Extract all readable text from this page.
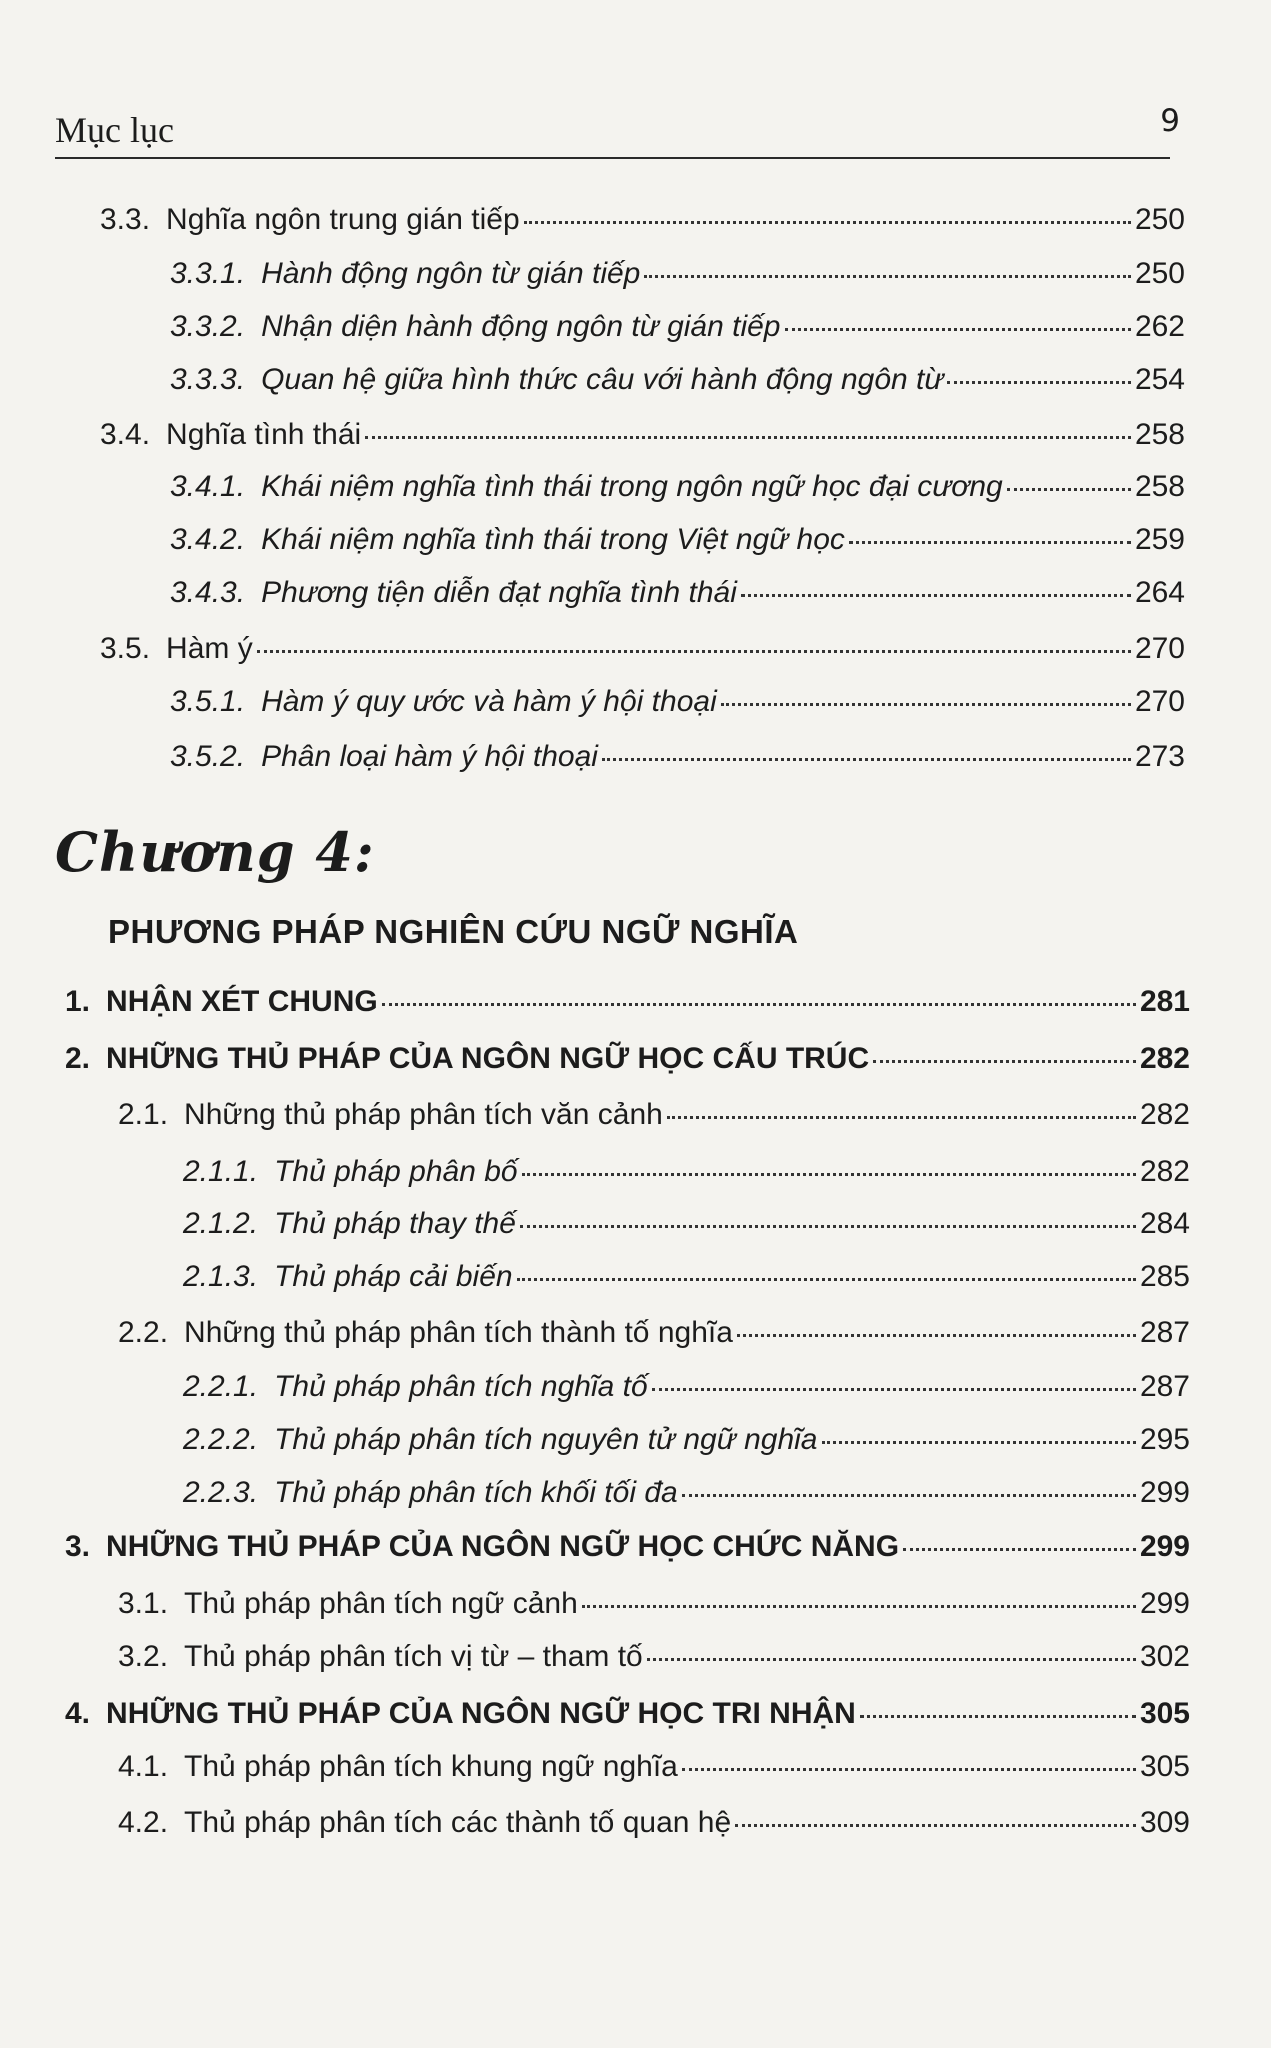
Mục lục	9
3.3. Nghĩa ngôn trung gián tiếp	250
3.3.1. Hành động ngôn từ gián tiếp	250
3.3.2. Nhận diện hành động ngôn từ gián tiếp	262
3.3.3. Quan hệ giữa hình thức câu với hành động ngôn từ	254
3.4. Nghĩa tình thái	258
3.4.1. Khái niệm nghĩa tình thái trong ngôn ngữ học đại cương	258
3.4.2. Khái niệm nghĩa tình thái trong Việt ngữ học	259
3.4.3. Phương tiện diễn đạt nghĩa tình thái	264
3.5. Hàm ý	270
3.5.1. Hàm ý quy ước và hàm ý hội thoại	270
3.5.2. Phân loại hàm ý hội thoại	273
Chương 4:
PHƯƠNG PHÁP NGHIÊN CỨU NGỮ NGHĨA
1. NHẬN XÉT CHUNG	281
2. NHỮNG THỦ PHÁP CỦA NGÔN NGỮ HỌC CẤU TRÚC	282
2.1. Những thủ pháp phân tích văn cảnh	282
2.1.1. Thủ pháp phân bố	282
2.1.2. Thủ pháp thay thế	284
2.1.3. Thủ pháp cải biến	285
2.2. Những thủ pháp phân tích thành tố nghĩa	287
2.2.1. Thủ pháp phân tích nghĩa tố	287
2.2.2. Thủ pháp phân tích nguyên tử ngữ nghĩa	295
2.2.3. Thủ pháp phân tích khối tối đa	299
3. NHỮNG THỦ PHÁP CỦA NGÔN NGỮ HỌC CHỨC NĂNG	299
3.1. Thủ pháp phân tích ngữ cảnh	299
3.2. Thủ pháp phân tích vị từ – tham tố	302
4. NHỮNG THỦ PHÁP CỦA NGÔN NGỮ HỌC TRI NHẬN	305
4.1. Thủ pháp phân tích khung ngữ nghĩa	305
4.2. Thủ pháp phân tích các thành tố quan hệ	309
